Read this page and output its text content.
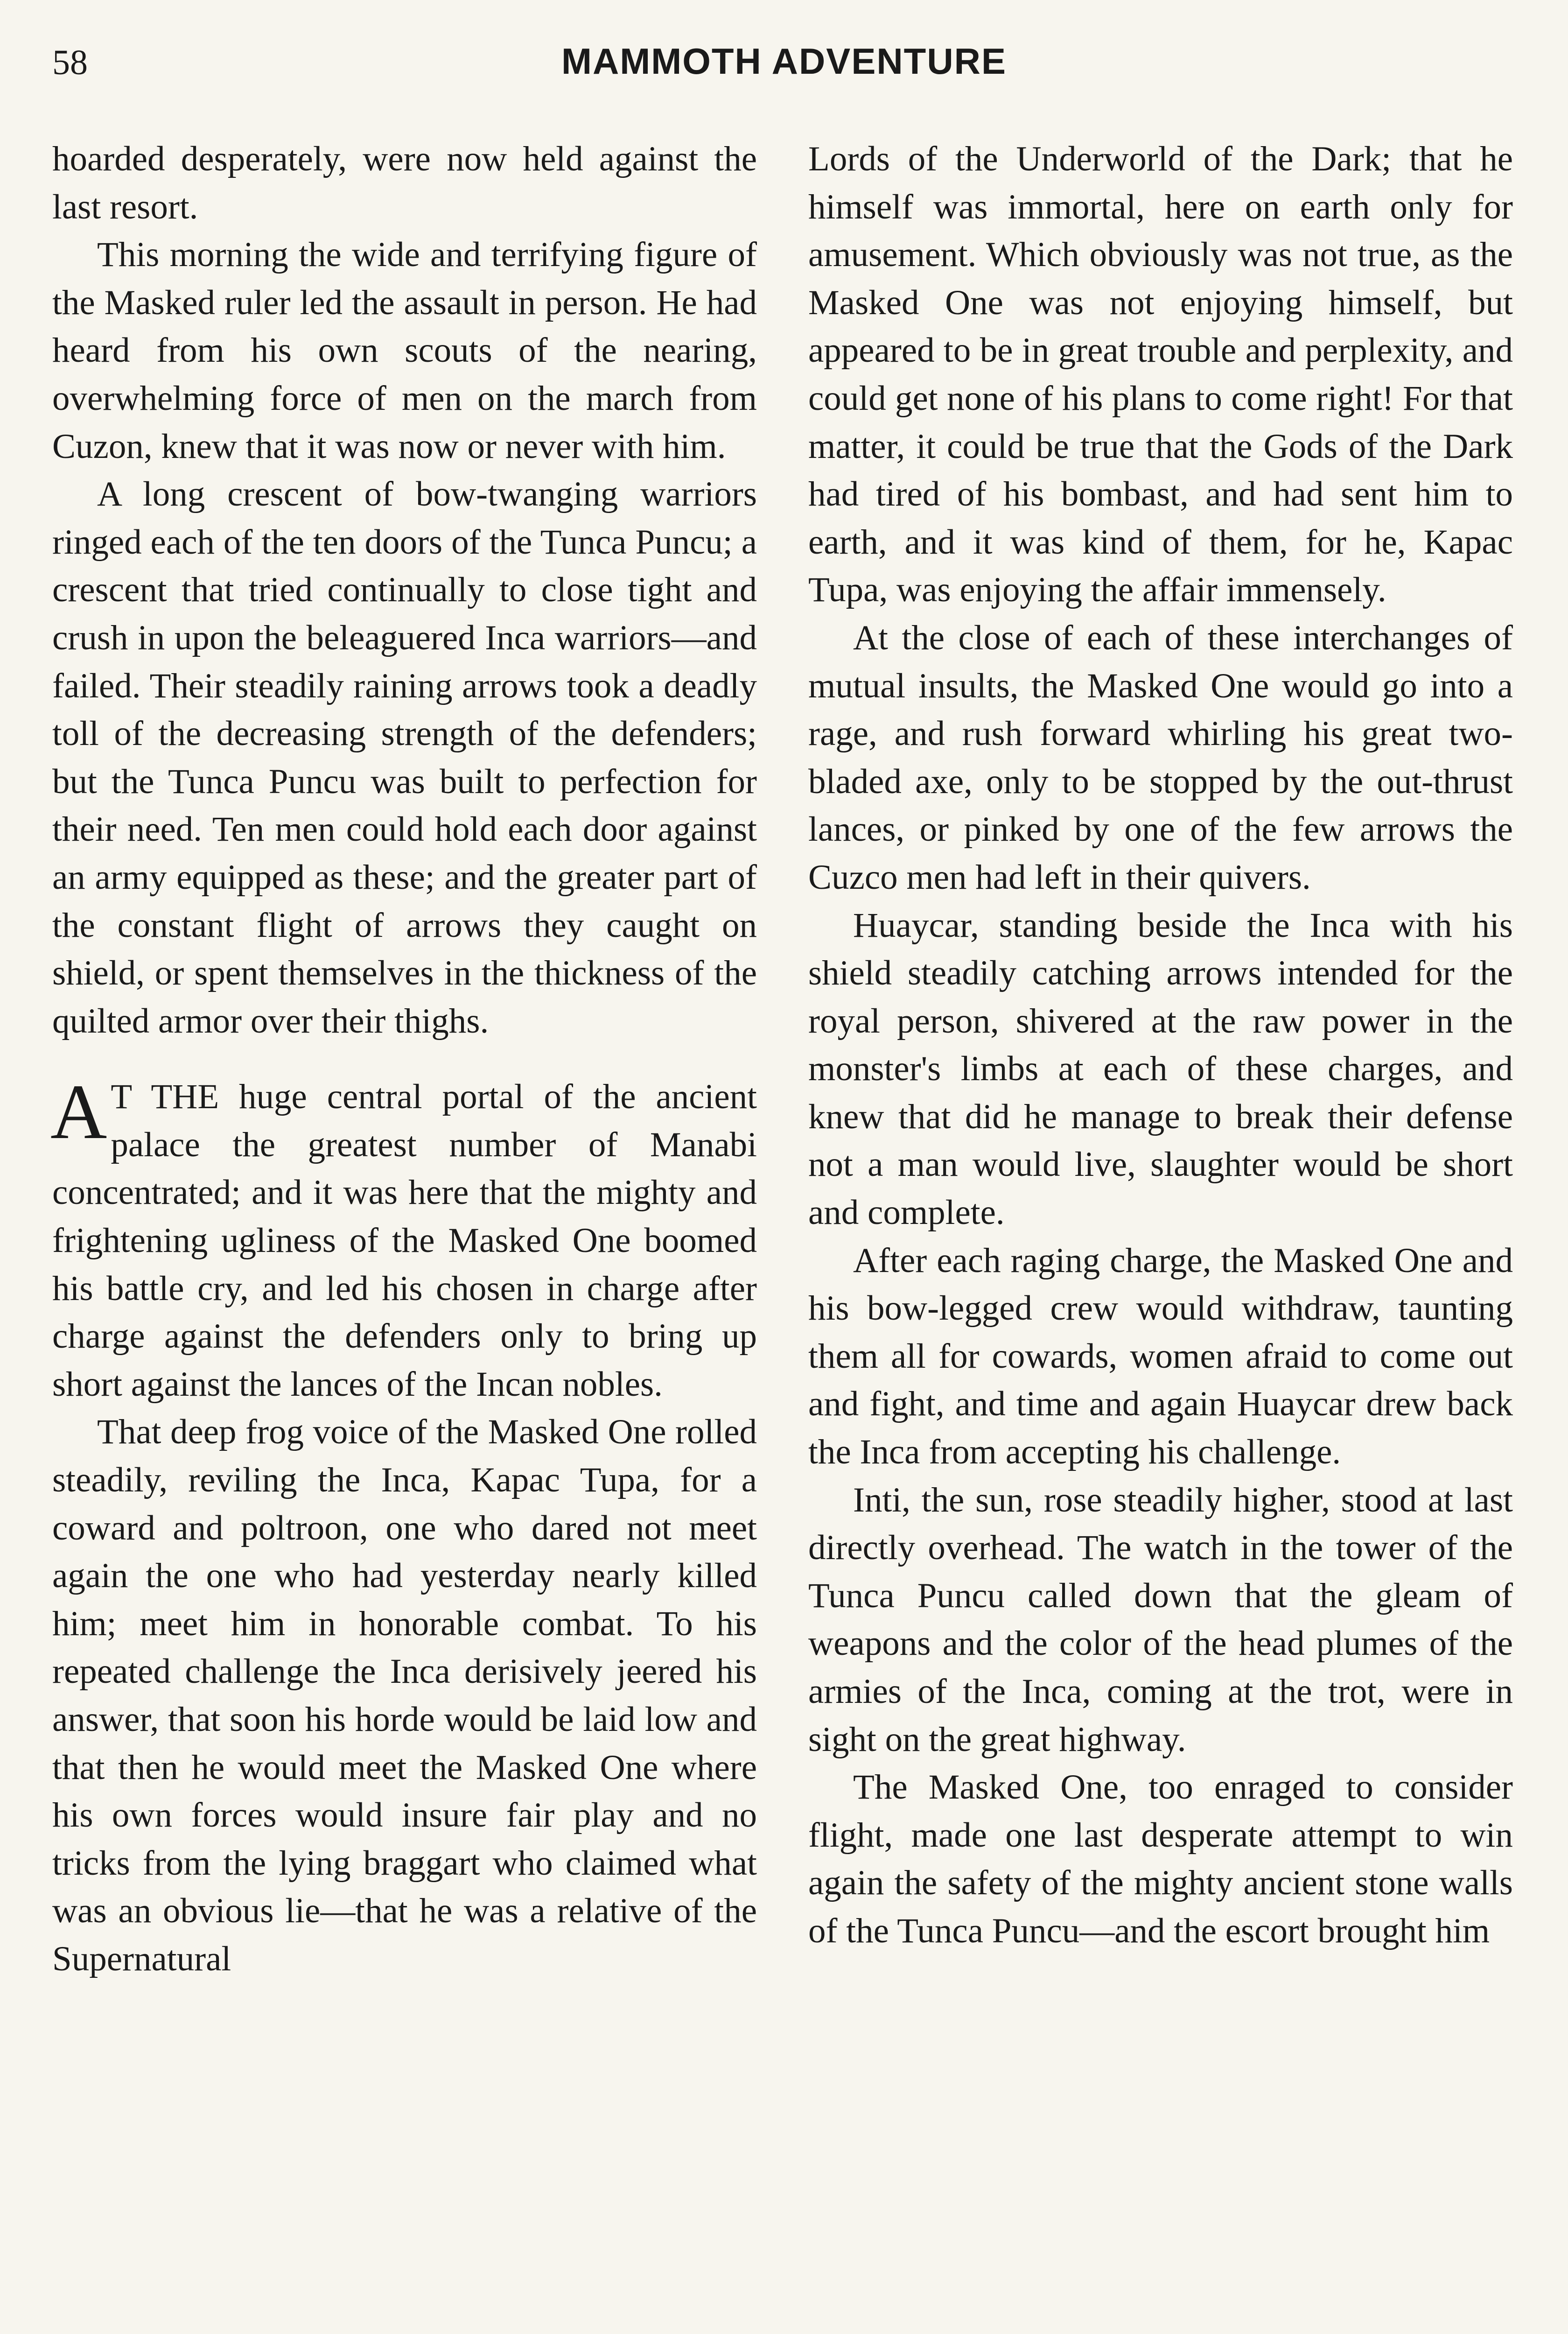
58	MAMMOTH ADVENTURE

hoarded desperately, were now held against the last resort.

This morning the wide and terrifying figure of the Masked ruler led the assault in person. He had heard from his own scouts of the nearing, overwhelming force of men on the march from Cuzon, knew that it was now or never with him.

A long crescent of bow-twanging warriors ringed each of the ten doors of the Tunca Puncu; a crescent that tried continually to close tight and crush in upon the beleaguered Inca warriors—and failed. Their steadily raining arrows took a deadly toll of the decreasing strength of the defenders; but the Tunca Puncu was built to perfection for their need. Ten men could hold each door against an army equipped as these; and the greater part of the constant flight of arrows they caught on shield, or spent themselves in the thickness of the quilted armor over their thighs.

A T THE huge central portal of the ancient palace the greatest number of Manabi concentrated; and it was here that the mighty and frightening ugliness of the Masked One boomed his battle cry, and led his chosen in charge after charge against the defenders only to bring up short against the lances of the Incan nobles.

That deep frog voice of the Masked One rolled steadily, reviling the Inca, Kapac Tupa, for a coward and poltroon, one who dared not meet again the one who had yesterday nearly killed him; meet him in honorable combat. To his repeated challenge the Inca derisively jeered his answer, that soon his horde would be laid low and that then he would meet the Masked One where his own forces would insure fair play and no tricks from the lying braggart who claimed what was an obvious lie—that he was a relative of the Supernatural

Lords of the Underworld of the Dark; that he himself was immortal, here on earth only for amusement. Which obviously was not true, as the Masked One was not enjoying himself, but appeared to be in great trouble and perplexity, and could get none of his plans to come right! For that matter, it could be true that the Gods of the Dark had tired of his bombast, and had sent him to earth, and it was kind of them, for he, Kapac Tupa, was enjoying the affair immensely.

At the close of each of these interchanges of mutual insults, the Masked One would go into a rage, and rush forward whirling his great two-bladed axe, only to be stopped by the out-thrust lances, or pinked by one of the few arrows the Cuzco men had left in their quivers.

Huaycar, standing beside the Inca with his shield steadily catching arrows intended for the royal person, shivered at the raw power in the monster's limbs at each of these charges, and knew that did he manage to break their defense not a man would live, slaughter would be short and complete.

After each raging charge, the Masked One and his bow-legged crew would withdraw, taunting them all for cowards, women afraid to come out and fight, and time and again Huaycar drew back the Inca from accepting his challenge.

Inti, the sun, rose steadily higher, stood at last directly overhead. The watch in the tower of the Tunca Puncu called down that the gleam of weapons and the color of the head plumes of the armies of the Inca, coming at the trot, were in sight on the great highway.

The Masked One, too enraged to consider flight, made one last desperate attempt to win again the safety of the mighty ancient stone walls of the Tunca Puncu—and the escort brought him
